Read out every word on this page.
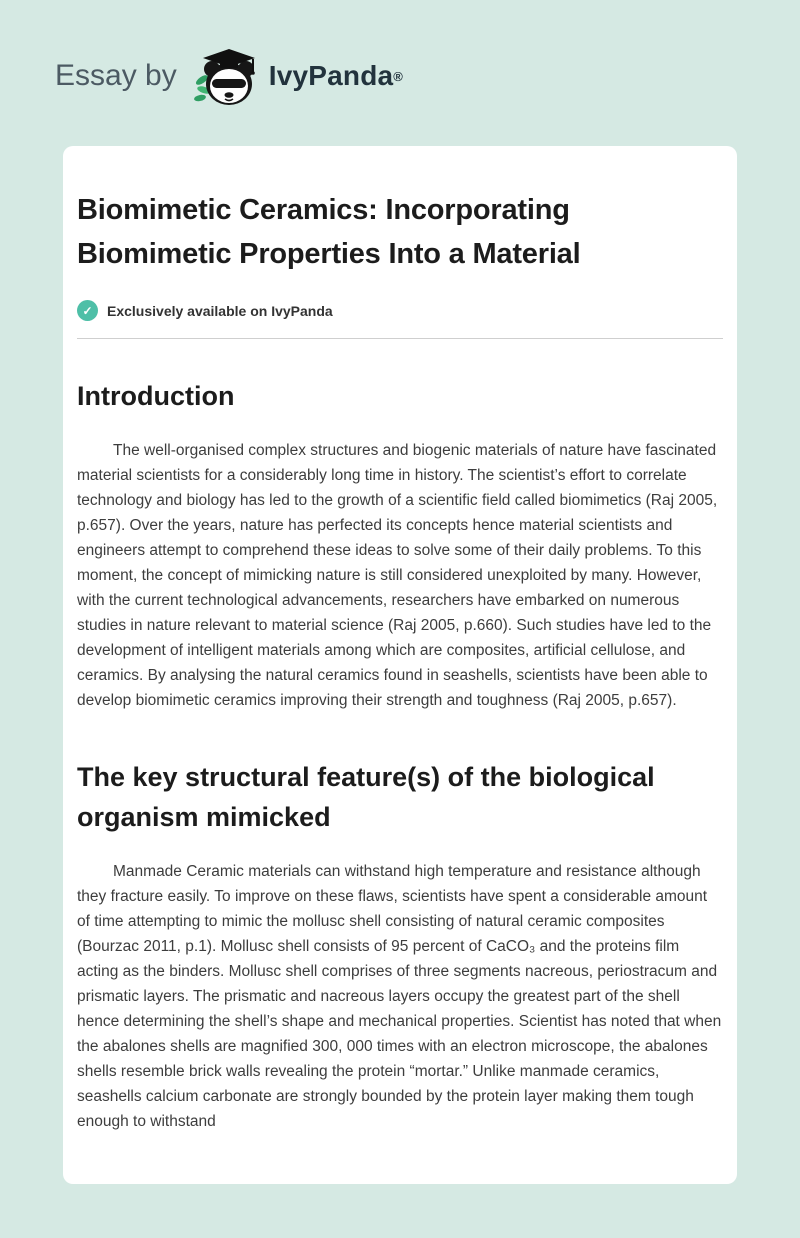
Essay by	IvyPanda ®
Biomimetic Ceramics: Incorporating Biomimetic Properties Into a Material
✓	Exclusively available on IvyPanda
Introduction

The well-organised complex structures and biogenic materials of nature have fascinated material scientists for a considerably long time in history. The scientist’s effort to correlate technology and biology has led to the growth of a scientific field called biomimetics (Raj 2005, p.657). Over the years, nature has perfected its concepts hence material scientists and engineers attempt to comprehend these ideas to solve some of their daily problems. To this moment, the concept of mimicking nature is still considered unexploited by many. However, with the current technological advancements, researchers have embarked on numerous studies in nature relevant to material science (Raj 2005, p.660). Such studies have led to the development of intelligent materials among which are composites, artificial cellulose, and ceramics. By analysing the natural ceramics found in seashells, scientists have been able to develop biomimetic ceramics improving their strength and toughness (Raj 2005, p.657).

The key structural feature(s) of the biological organism mimicked

Manmade Ceramic materials can withstand high temperature and resistance although they fracture easily. To improve on these flaws, scientists have spent a considerable amount of time attempting to mimic the mollusc shell consisting of natural ceramic composites (Bourzac 2011, p.1). Mollusc shell consists of 95 percent of CaCO₃ and the proteins film acting as the binders. Mollusc shell comprises of three segments nacreous, periostracum and prismatic layers. The prismatic and nacreous layers occupy the greatest part of the shell hence determining the shell’s shape and mechanical properties. Scientist has noted that when the abalones shells are magnified 300, 000 times with an electron microscope, the abalones shells resemble brick walls revealing the protein “mortar.” Unlike manmade ceramics, seashells calcium carbonate are strongly bounded by the protein layer making them tough enough to withstand
